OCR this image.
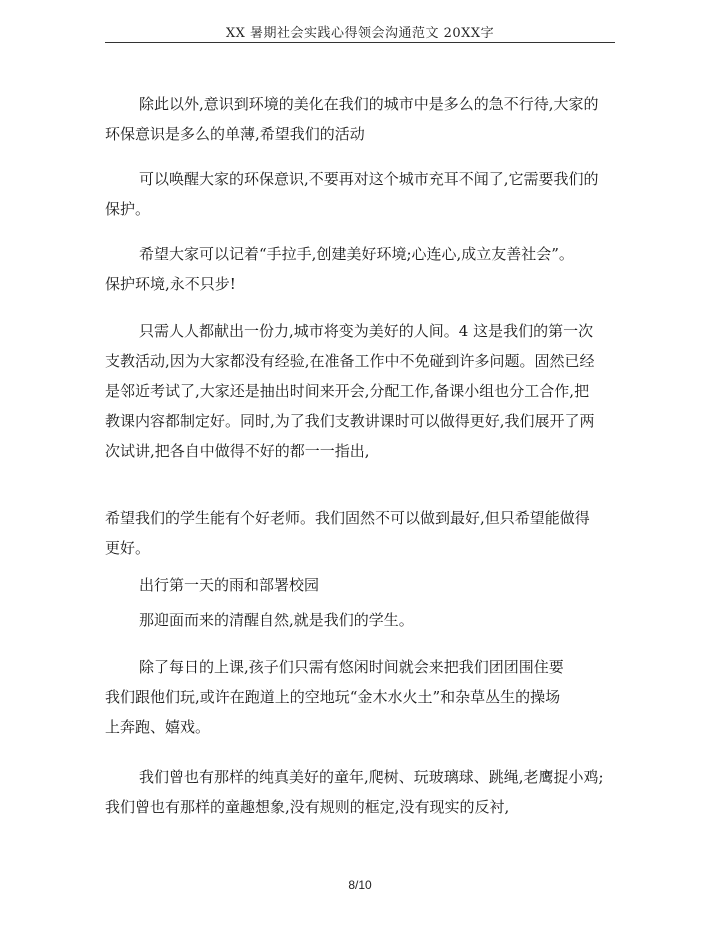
XX 暑期社会实践心得领会沟通范文 20XX字
除此以外,意识到环境的美化在我们的城市中是多么的急不行待,大家的
环保意识是多么的单薄,希望我们的活动
可以唤醒大家的环保意识,不要再对这个城市充耳不闻了,它需要我们的
保护。
希望大家可以记着“手拉手,创建美好环境;心连心,成立友善社会”。
保护环境,永不只步!
只需人人都献出一份力,城市将变为美好的人间。4 这是我们的第一次
支教活动,因为大家都没有经验,在准备工作中不免碰到许多问题。固然已经
是邻近考试了,大家还是抽出时间来开会,分配工作,备课小组也分工合作,把
教课内容都制定好。同时,为了我们支教讲课时可以做得更好,我们展开了两
次试讲,把各自中做得不好的都一一指出,
希望我们的学生能有个好老师。我们固然不可以做到最好,但只希望能做得
更好。
出行第一天的雨和部署校园
那迎面而来的清醒自然,就是我们的学生。
除了每日的上课,孩子们只需有悠闲时间就会来把我们团团围住要
我们跟他们玩,或许在跑道上的空地玩“金木水火土”和杂草丛生的操场
上奔跑、嬉戏。
我们曾也有那样的纯真美好的童年,爬树、玩玻璃球、跳绳,老鹰捉小鸡;
我们曾也有那样的童趣想象,没有规则的框定,没有现实的反衬,
8/10
